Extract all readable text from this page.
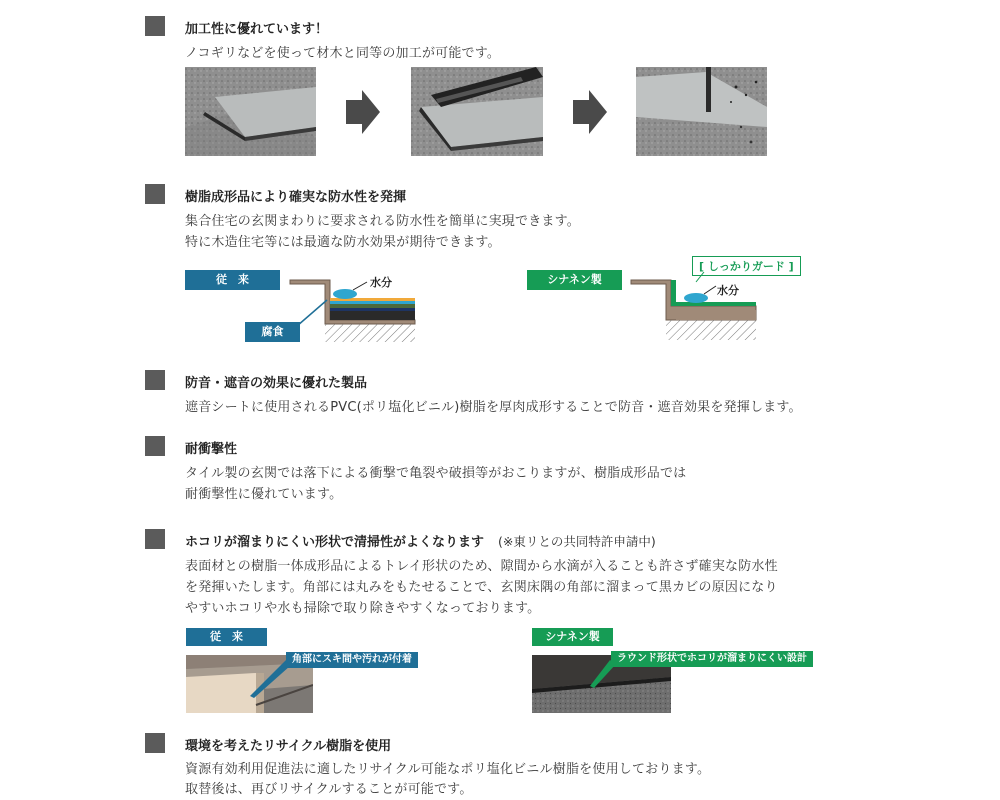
加工性に優れています！
ノコギリなどを使って材木と同等の加工が可能です。
樹脂成形品により確実な防水性を発揮
集合住宅の玄関まわりに要求される防水性を簡単に実現できます。
特に木造住宅等には最適な防水効果が期待できます。
従　来	水分
腐食
シナネン製
[ しっかりガード ]
水分
防音・遮音の効果に優れた製品
遮音シートに使用されるPVC(ポリ塩化ビニル)樹脂を厚肉成形することで防音・遮音効果を発揮します。
耐衝撃性
タイル製の玄関では落下による衝撃で亀裂や破損等がおこりますが、樹脂成形品では
耐衝撃性に優れています。
ホコリが溜まりにくい形状で清掃性がよくなります (※東リとの共同特許申請中)
表面材との樹脂一体成形品によるトレイ形状のため、隙間から水滴が入ることも許さず確実な防水性
を発揮いたします。角部には丸みをもたせることで、玄関床隅の角部に溜まって黒カビの原因になり
やすいホコリや水も掃除で取り除きやすくなっております。
従　来
角部にスキ間や汚れが付着
シナネン製
ラウンド形状でホコリが溜まりにくい設計
環境を考えたリサイクル樹脂を使用
資源有効利用促進法に適したリサイクル可能なポリ塩化ビニル樹脂を使用しております。
取替後は、再びリサイクルすることが可能です。
